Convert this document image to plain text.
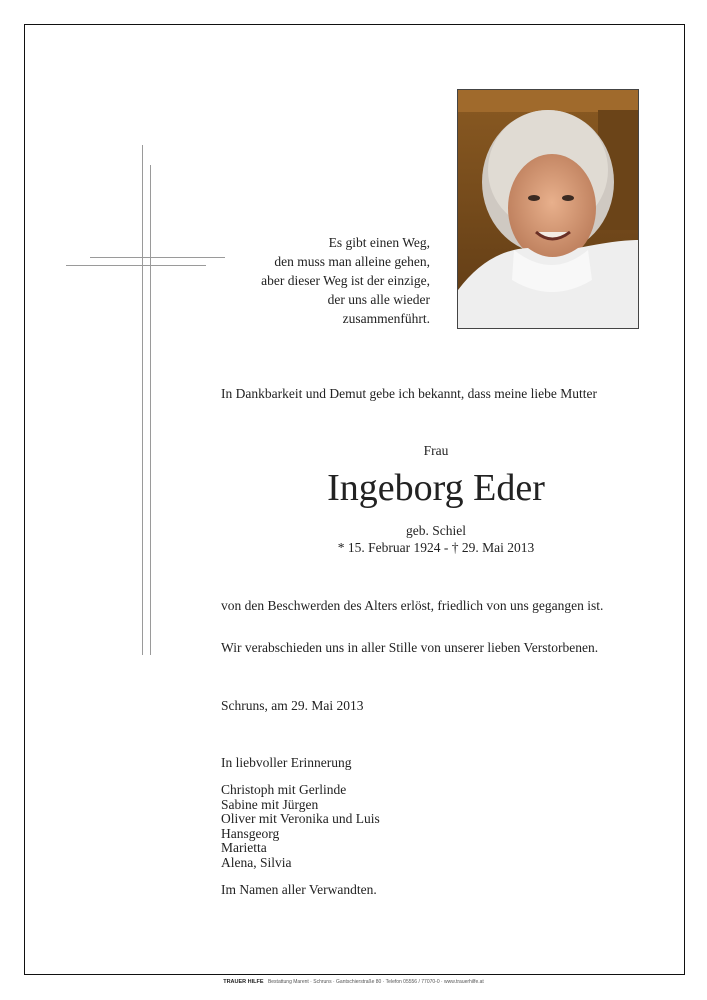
Es gibt einen Weg,
den muss man alleine gehen,
aber dieser Weg ist der einzige,
der uns alle wieder
zusammenführt.
In Dankbarkeit und Demut gebe ich bekannt, dass meine liebe Mutter
Frau
Ingeborg Eder
geb. Schiel
* 15. Februar 1924 - † 29. Mai 2013
von den Beschwerden des Alters erlöst, friedlich von uns gegangen ist.
Wir verabschieden uns in aller Stille von unserer lieben Verstorbenen.
Schruns, am 29. Mai 2013
In liebvoller Erinnerung
Christoph mit Gerlinde
Sabine mit Jürgen
Oliver mit Veronika und Luis
Hansgeorg
Marietta
Alena, Silvia
Im Namen aller Verwandten.
TRAUER HILFE Bestattung Marent · Schruns · Gantschierstraße 80 · Telefon 05556 / 77070-0 · www.trauerhilfe.at
